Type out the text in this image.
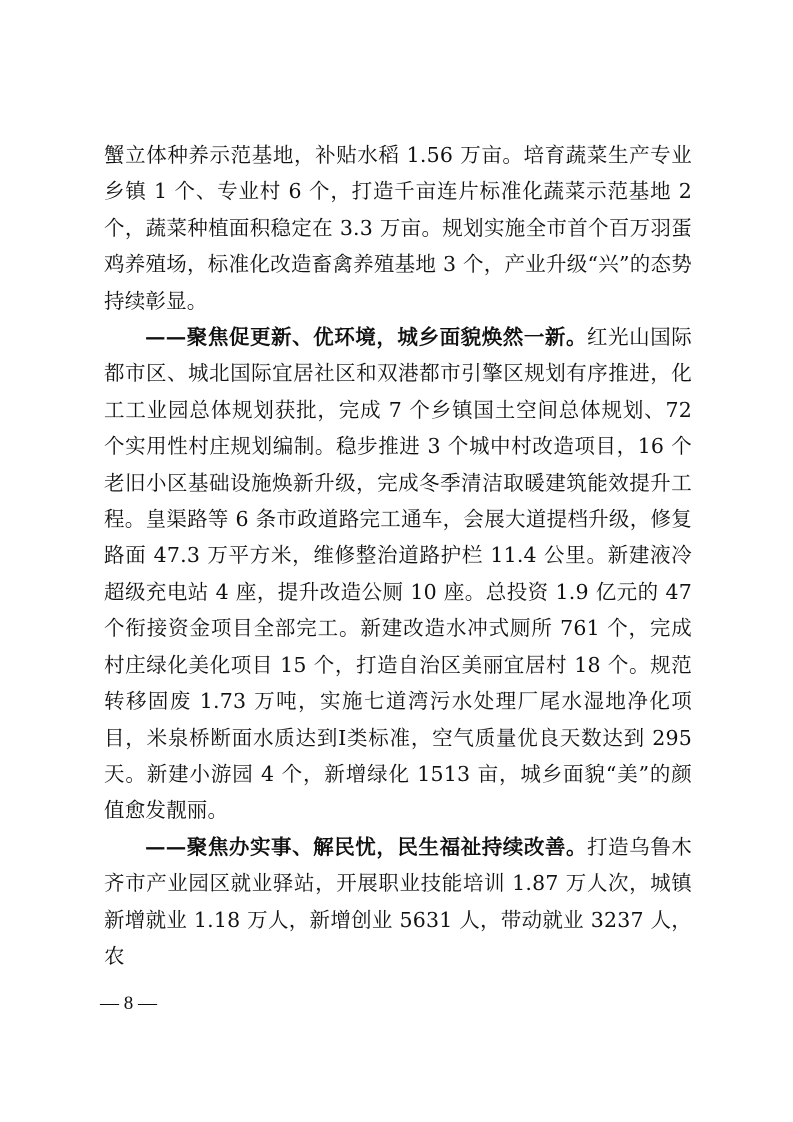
蟹立体种养示范基地，补贴水稻 1.56 万亩。培育蔬菜生产专业乡镇 1 个、专业村 6 个，打造千亩连片标准化蔬菜示范基地 2 个，蔬菜种植面积稳定在 3.3 万亩。规划实施全市首个百万羽蛋鸡养殖场，标准化改造畜禽养殖基地 3 个，产业升级“兴”的态势持续彰显。

——聚焦促更新、优环境，城乡面貌焕然一新。红光山国际都市区、城北国际宜居社区和双港都市引擎区规划有序推进，化工工业园总体规划获批，完成 7 个乡镇国土空间总体规划、72 个实用性村庄规划编制。稳步推进 3 个城中村改造项目，16 个老旧小区基础设施焕新升级，完成冬季清洁取暖建筑能效提升工程。皇渠路等 6 条市政道路完工通车，会展大道提档升级，修复路面 47.3 万平方米，维修整治道路护栏 11.4 公里。新建液冷超级充电站 4 座，提升改造公厕 10 座。总投资 1.9 亿元的 47 个衔接资金项目全部完工。新建改造水冲式厕所 761 个，完成村庄绿化美化项目 15 个，打造自治区美丽宜居村 18 个。规范转移固废 1.73 万吨，实施七道湾污水处理厂尾水湿地净化项目，米泉桥断面水质达到Ⅰ类标准，空气质量优良天数达到 295 天。新建小游园 4 个，新增绿化 1513 亩，城乡面貌“美”的颜值愈发靓丽。

——聚焦办实事、解民忧，民生福祉持续改善。打造乌鲁木齐市产业园区就业驿站，开展职业技能培训 1.87 万人次，城镇新增就业 1.18 万人，新增创业 5631 人，带动就业 3237 人，农

— 8 —
